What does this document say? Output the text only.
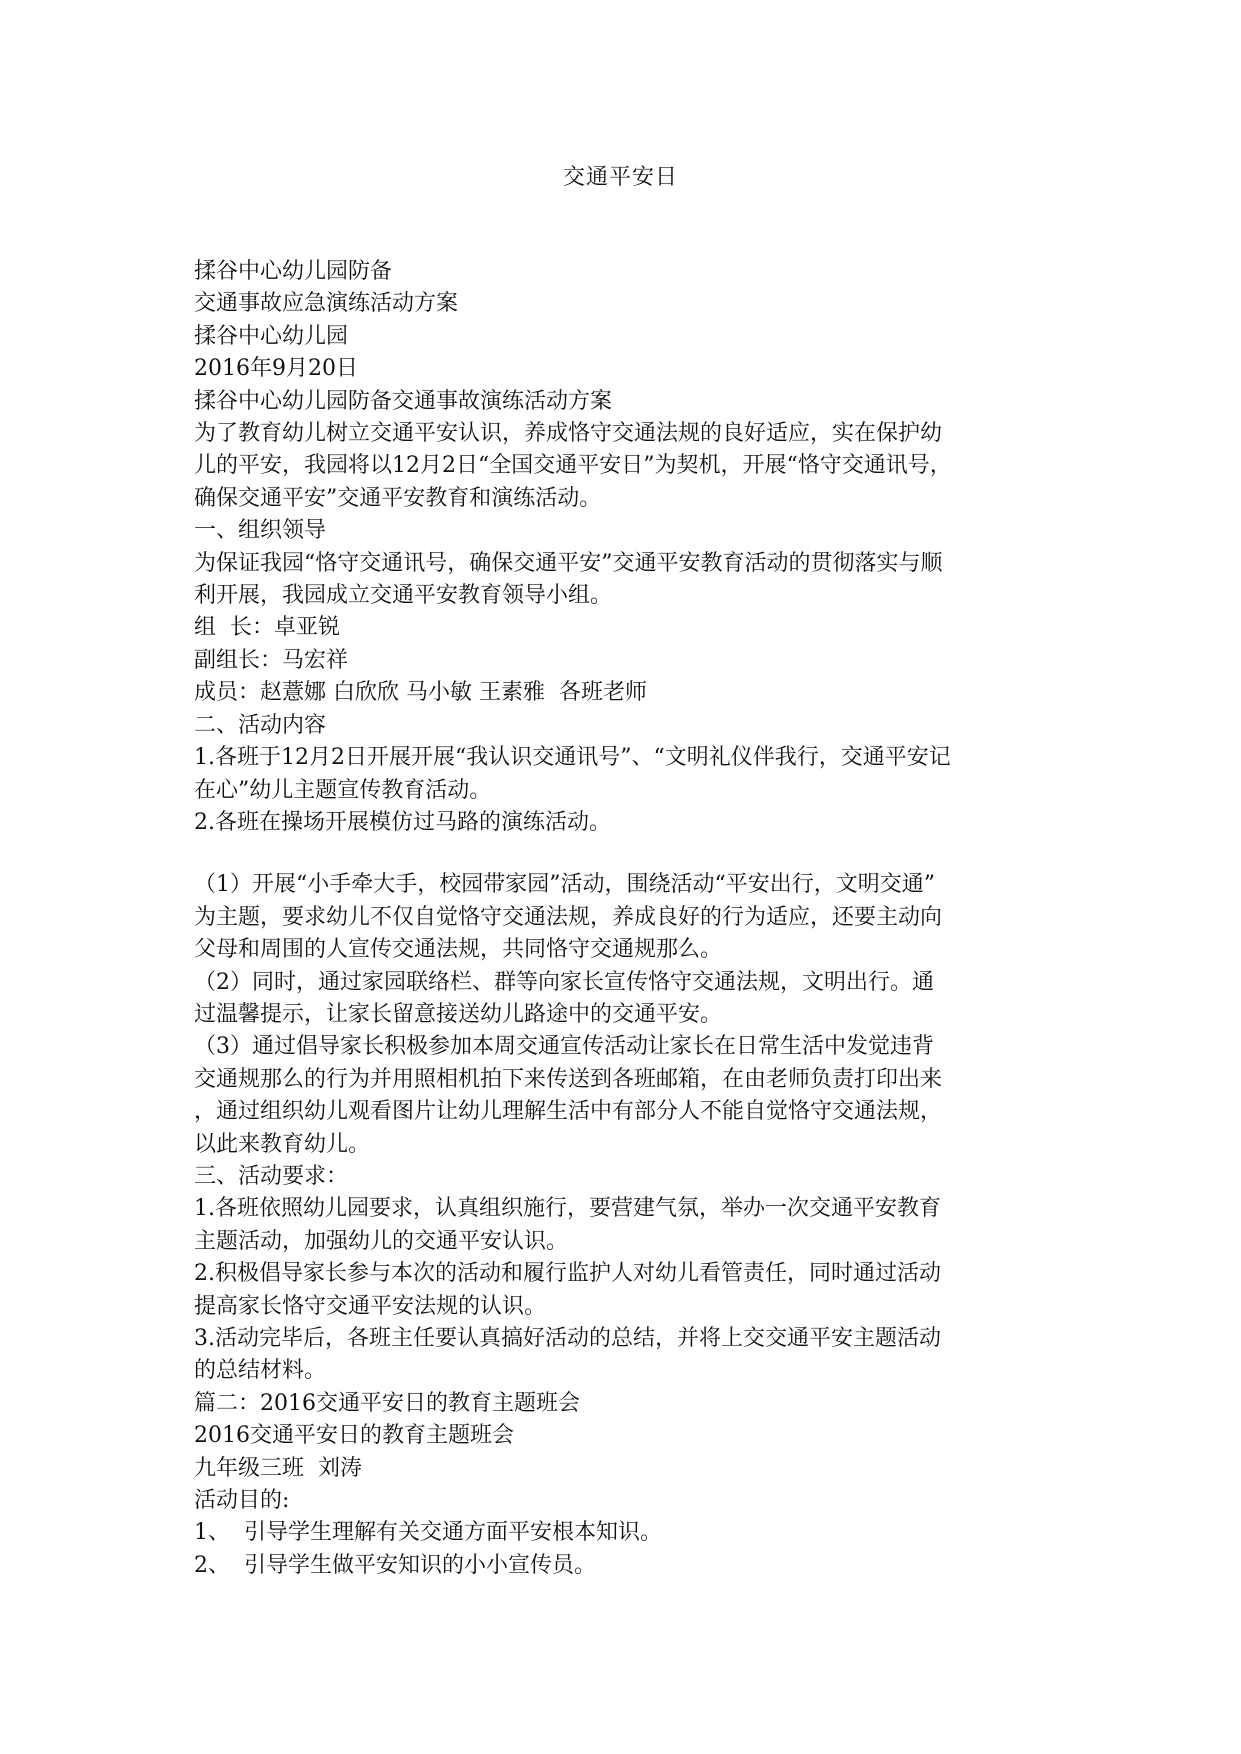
交通平安日
揉谷中心幼儿园防备
交通事故应急演练活动方案
揉谷中心幼儿园
2016年9月20日
揉谷中心幼儿园防备交通事故演练活动方案
为了教育幼儿树立交通平安认识，养成恪守交通法规的良好适应，实在保护幼
儿的平安，我园将以12月2日“全国交通平安日”为契机，开展“恪守交通讯号，
确保交通平安”交通平安教育和演练活动。
一、组织领导
为保证我园“恪守交通讯号，确保交通平安”交通平安教育活动的贯彻落实与顺
利开展，我园成立交通平安教育领导小组。
组  长：卓亚锐
副组长：马宏祥
成员：赵薏娜 白欣欣 马小敏 王素雅  各班老师
二、活动内容
1.各班于12月2日开展开展“我认识交通讯号”、“文明礼仪伴我行，交通平安记
在心”幼儿主题宣传教育活动。
2.各班在操场开展模仿过马路的演练活动。
（1）开展“小手牵大手，校园带家园”活动，围绕活动“平安出行，文明交通”
为主题，要求幼儿不仅自觉恪守交通法规，养成良好的行为适应，还要主动向
父母和周围的人宣传交通法规，共同恪守交通规那么。
（2）同时，通过家园联络栏、群等向家长宣传恪守交通法规，文明出行。通
过温馨提示，让家长留意接送幼儿路途中的交通平安。
（3）通过倡导家长积极参加本周交通宣传活动让家长在日常生活中发觉违背
交通规那么的行为并用照相机拍下来传送到各班邮箱，在由老师负责打印出来
，通过组织幼儿观看图片让幼儿理解生活中有部分人不能自觉恪守交通法规，
以此来教育幼儿。
三、活动要求：
1.各班依照幼儿园要求，认真组织施行，要营建气氛，举办一次交通平安教育
主题活动，加强幼儿的交通平安认识。
2.积极倡导家长参与本次的活动和履行监护人对幼儿看管责任，同时通过活动
提高家长恪守交通平安法规的认识。
3.活动完毕后，各班主任要认真搞好活动的总结，并将上交交通平安主题活动
的总结材料。
篇二：2016交通平安日的教育主题班会
2016交通平安日的教育主题班会
九年级三班  刘涛
活动目的:
1、  引导学生理解有关交通方面平安根本知识。
2、  引导学生做平安知识的小小宣传员。
